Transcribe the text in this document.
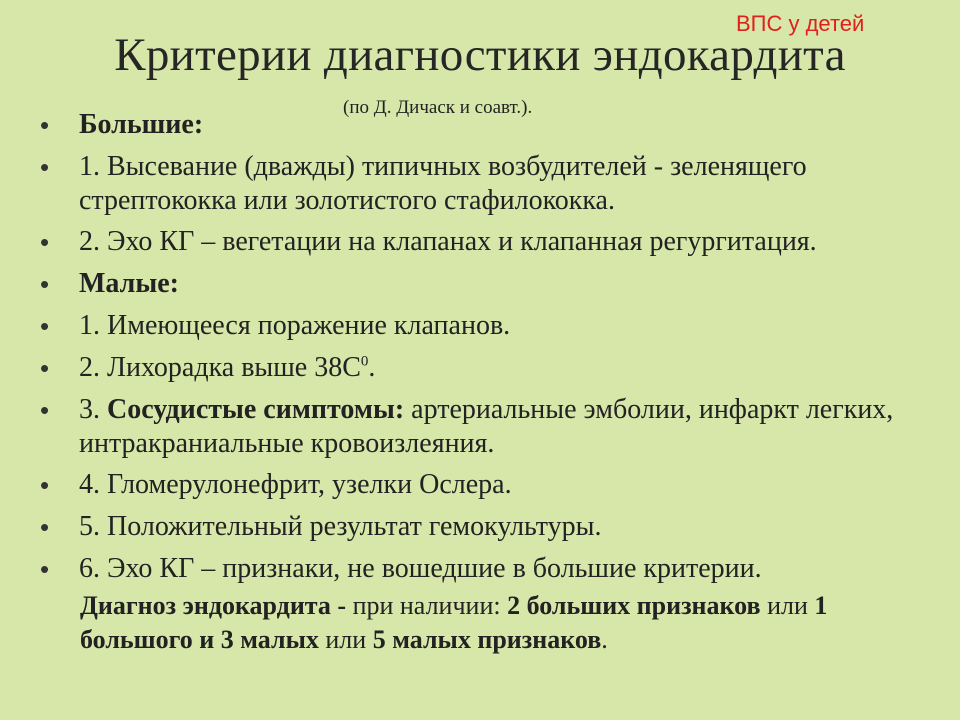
ВПС у детей
Критерии диагностики эндокардита
(по Д. Дичаск и соавт.).
• Большие:
• 1. Высевание (дважды) типичных возбудителей - зеленящего стрептококка или золотистого стафилококка.
• 2. Эхо КГ – вегетации на клапанах и клапанная регургитация.
• Малые:
• 1. Имеющееся поражение клапанов.
• 2. Лихорадка выше $38С^0$.
• 3. Сосудистые симптомы: артериальные эмболии, инфаркт легких, интракраниальные кровоизлеяния.
• 4. Гломерулонефрит, узелки Ослера.
• 5. Положительный результат гемокультуры.
• 6. Эхо КГ – признаки, не вошедшие в большие критерии.
Диагноз эндокардита - при наличии: 2 больших признаков или 1 большого и 3 малых или 5 малых признаков.
